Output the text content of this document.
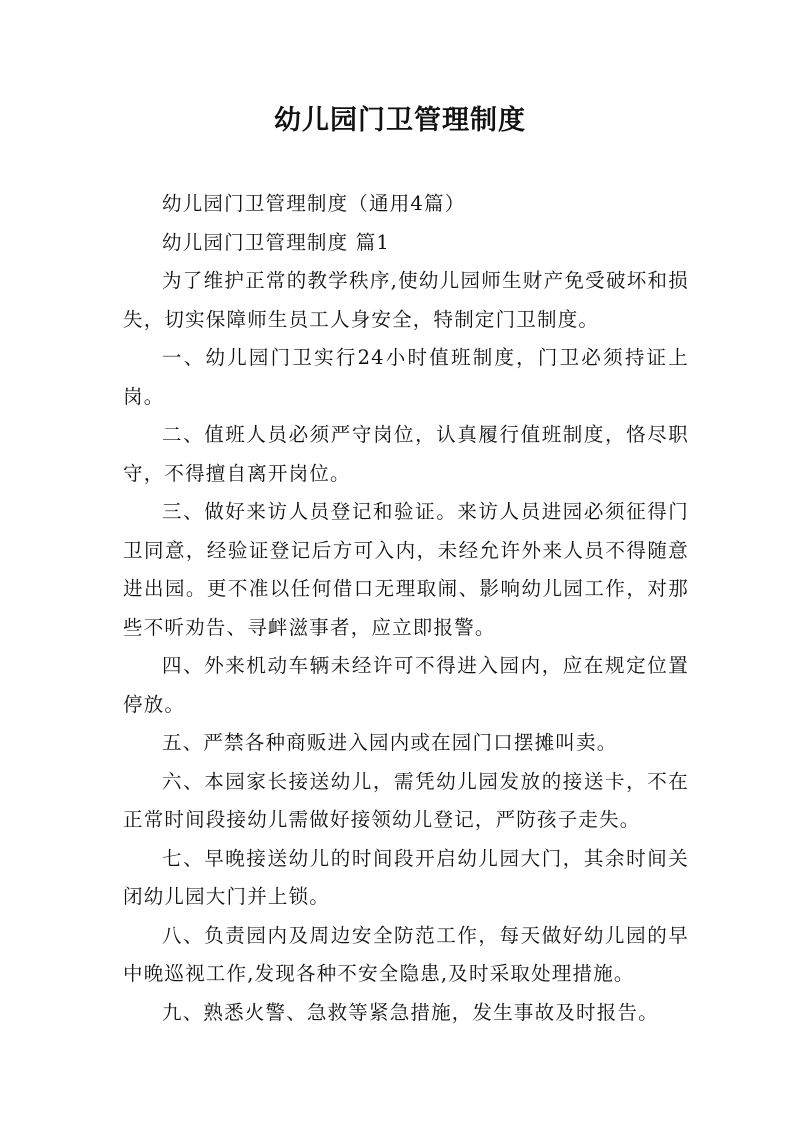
幼儿园门卫管理制度

幼儿园门卫管理制度（通用4篇）

幼儿园门卫管理制度 篇1

为了维护正常的教学秩序,使幼儿园师生财产免受破坏和损失，切实保障师生员工人身安全，特制定门卫制度。

一、幼儿园门卫实行24小时值班制度，门卫必须持证上岗。

二、值班人员必须严守岗位，认真履行值班制度，恪尽职守，不得擅自离开岗位。

三、做好来访人员登记和验证。来访人员进园必须征得门卫同意，经验证登记后方可入内，未经允许外来人员不得随意进出园。更不准以任何借口无理取闹、影响幼儿园工作，对那些不听劝告、寻衅滋事者，应立即报警。

四、外来机动车辆未经许可不得进入园内，应在规定位置停放。

五、严禁各种商贩进入园内或在园门口摆摊叫卖。

六、本园家长接送幼儿，需凭幼儿园发放的接送卡，不在正常时间段接幼儿需做好接领幼儿登记，严防孩子走失。

七、早晚接送幼儿的时间段开启幼儿园大门，其余时间关闭幼儿园大门并上锁。

八、负责园内及周边安全防范工作，每天做好幼儿园的早中晚巡视工作,发现各种不安全隐患,及时采取处理措施。

九、熟悉火警、急救等紧急措施，发生事故及时报告。
